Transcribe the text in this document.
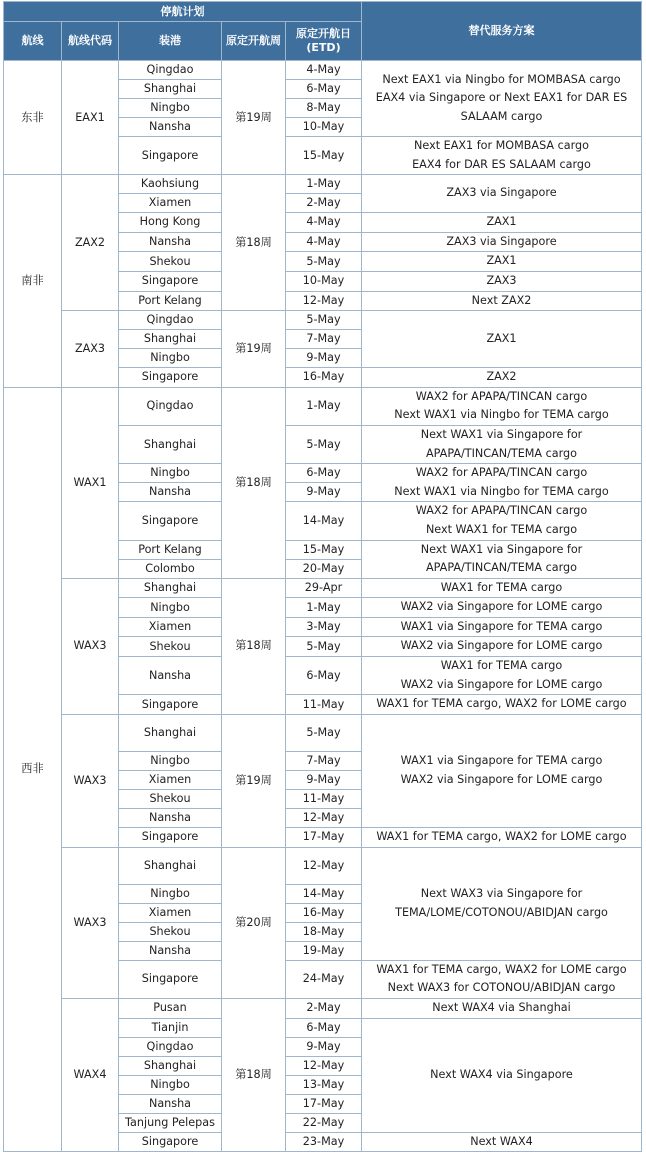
停航计划					替代服务方案
航线	航线代码	装港	原定开航周	原定开航日 (ETD)	
东非	EAX1	Qingdao	第19周	4-May	Next EAX1 via Ningbo for MOMBASA cargo
EAX4 via Singapore or Next EAX1 for DAR ES SALAAM cargo
		Shanghai		6-May	
		Ningbo		8-May	
		Nansha		10-May	
		Singapore		15-May	Next EAX1 for MOMBASA cargo
EAX4 for DAR ES SALAAM cargo
南非	ZAX2	Kaohsiung	第18周	1-May	ZAX3 via Singapore
		Xiamen		2-May	
		Hong Kong		4-May	ZAX1
		Nansha		4-May	ZAX3 via Singapore
		Shekou		5-May	ZAX1
		Singapore		10-May	ZAX3
		Port Kelang		12-May	Next ZAX2
	ZAX3	Qingdao	第19周	5-May	ZAX1
		Shanghai		7-May	
		Ningbo		9-May	
		Singapore		16-May	ZAX2
西非	WAX1	Qingdao	第18周	1-May	WAX2 for APAPA/TINCAN cargo
Next WAX1 via Ningbo for TEMA cargo
		Shanghai		5-May	Next WAX1 via Singapore for
APAPA/TINCAN/TEMA cargo
		Ningbo		6-May	WAX2 for APAPA/TINCAN cargo
Next WAX1 via Ningbo for TEMA cargo
		Nansha		9-May	
		Singapore		14-May	WAX2 for APAPA/TINCAN cargo
Next WAX1 for TEMA cargo
		Port Kelang		15-May	Next WAX1 via Singapore for
APAPA/TINCAN/TEMA cargo
		Colombo		20-May	
	WAX3	Shanghai	第18周	29-Apr	WAX1 for TEMA cargo
		Ningbo		1-May	WAX2 via Singapore for LOME cargo
		Xiamen		3-May	WAX1 via Singapore for TEMA cargo
		Shekou		5-May	WAX2 via Singapore for LOME cargo
		Nansha		6-May	WAX1 for TEMA cargo
WAX2 via Singapore for LOME cargo
		Singapore		11-May	WAX1 for TEMA cargo, WAX2 for LOME cargo
	WAX3	Shanghai	第19周	5-May	WAX1 via Singapore for TEMA cargo
WAX2 via Singapore for LOME cargo
		Ningbo		7-May	
		Xiamen		9-May	
		Shekou		11-May	
		Nansha		12-May	
		Singapore		17-May	WAX1 for TEMA cargo, WAX2 for LOME cargo
	WAX3	Shanghai	第20周	12-May	Next WAX3 via Singapore for
TEMA/LOME/COTONOU/ABIDJAN cargo
		Ningbo		14-May	
		Xiamen		16-May	
		Shekou		18-May	
		Nansha		19-May	
		Singapore		24-May	WAX1 for TEMA cargo, WAX2 for LOME cargo
Next WAX3 for COTONOU/ABIDJAN cargo
	WAX4	Pusan	第18周	2-May	Next WAX4 via Shanghai
		Tianjin		6-May	Next WAX4 via Singapore
		Qingdao		9-May	
		Shanghai		12-May	
		Ningbo		13-May	
		Nansha		17-May	
		Tanjung Pelepas		22-May	
		Singapore		23-May	Next WAX4
